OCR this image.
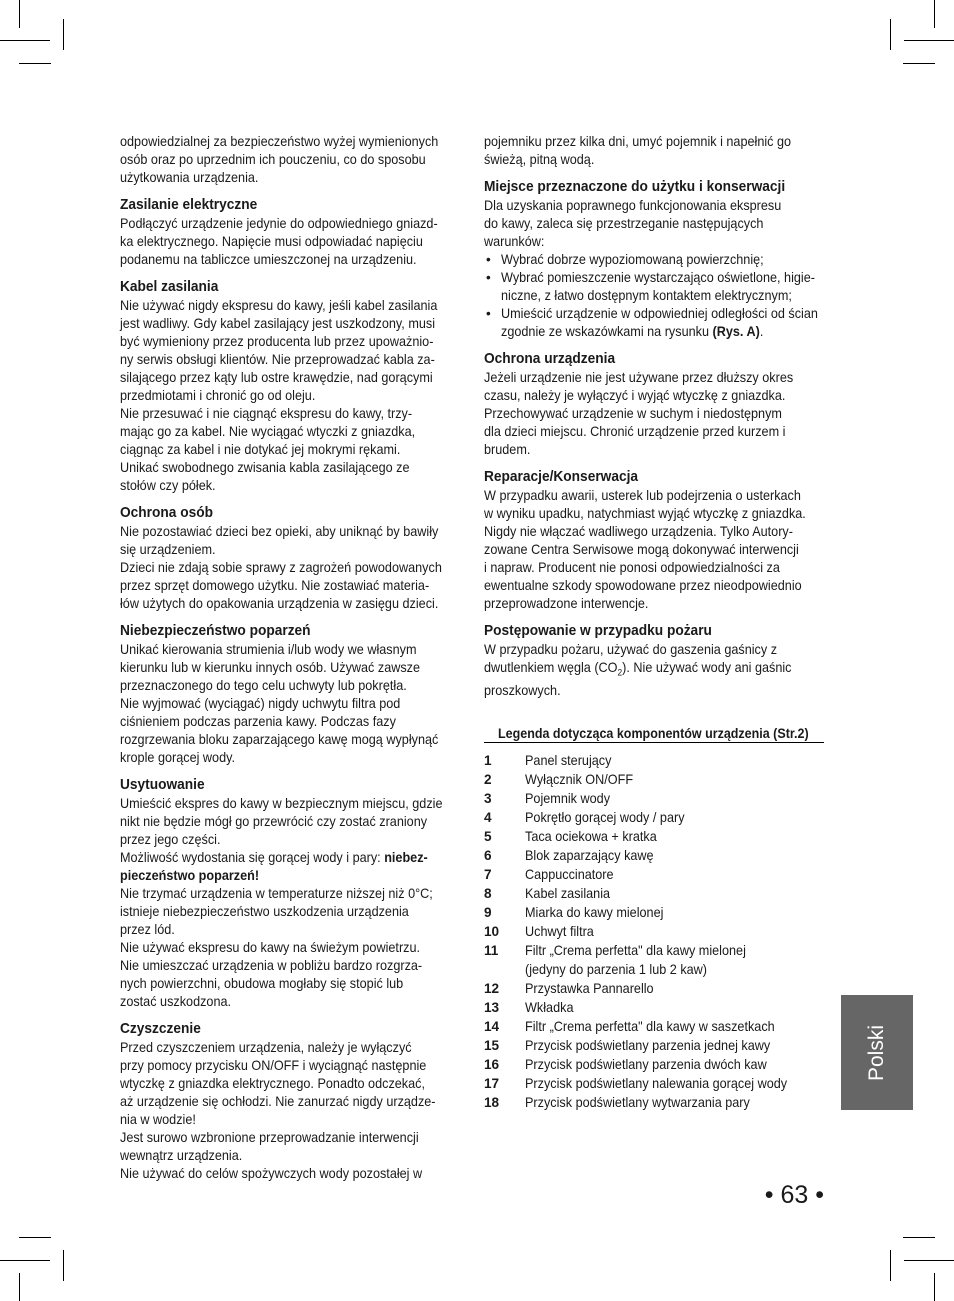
odpowiedzialnej za bezpieczeństwo wyżej wymienionych
osób oraz po uprzednim ich pouczeniu, co do sposobu
użytkowania urządzenia.

Zasilanie elektryczne

Podłączyć urządzenie jedynie do odpowiedniego gniazd-
ka elektrycznego. Napięcie musi odpowiadać napięciu
podanemu na tabliczce umieszczonej na urządzeniu.

Kabel zasilania

Nie używać nigdy ekspresu do kawy, jeśli kabel zasilania
jest wadliwy. Gdy kabel zasilający jest uszkodzony, musi
być wymieniony przez producenta lub przez upoważnio-
ny serwis obsługi klientów. Nie przeprowadzać kabla za-
silającego przez kąty lub ostre krawędzie, nad gorącymi
przedmiotami i chronić go od oleju.
Nie przesuwać i nie ciągnąć ekspresu do kawy, trzy-
mając go za kabel. Nie wyciągać wtyczki z gniazdka,
ciągnąc za kabel i nie dotykać jej mokrymi rękami.
Unikać swobodnego zwisania kabla zasilającego ze
stołów czy półek.

Ochrona osób

Nie pozostawiać dzieci bez opieki, aby uniknąć by bawiły
się urządzeniem.
Dzieci nie zdają sobie sprawy z zagrożeń powodowanych
przez sprzęt domowego użytku. Nie zostawiać materia-
łów użytych do opakowania urządzenia w zasięgu dzieci.

Niebezpieczeństwo poparzeń

Unikać kierowania strumienia i/lub wody we własnym
kierunku lub w kierunku innych osób. Używać zawsze
przeznaczonego do tego celu uchwyty lub pokrętła.
Nie wyjmować (wyciągać) nigdy uchwytu filtra pod
ciśnieniem podczas parzenia kawy. Podczas fazy
rozgrzewania bloku zaparzającego kawę mogą wypłynąć
krople gorącej wody.

Usytuowanie

Umieścić ekspres do kawy w bezpiecznym miejscu, gdzie
nikt nie będzie mógł go przewrócić czy zostać zraniony
przez jego części.
Możliwość wydostania się gorącej wody i pary: niebez-
pieczeństwo poparzeń!
Nie trzymać urządzenia w temperaturze niższej niż 0°C;
istnieje niebezpieczeństwo uszkodzenia urządzenia
przez lód.
Nie używać ekspresu do kawy na świeżym powietrzu.
Nie umieszczać urządzenia w pobliżu bardzo rozgrza-
nych powierzchni, obudowa mogłaby się stopić lub
zostać uszkodzona.

Czyszczenie

Przed czyszczeniem urządzenia, należy je wyłączyć
przy pomocy przycisku ON/OFF i wyciągnąć następnie
wtyczkę z gniazdka elektrycznego. Ponadto odczekać,
aż urządzenie się ochłodzi. Nie zanurzać nigdy urządze-
nia w wodzie!
Jest surowo wzbronione przeprowadzanie interwencji
wewnątrz urządzenia.
Nie używać do celów spożywczych wody pozostałej w

pojemniku przez kilka dni, umyć pojemnik i napełnić go
świeżą, pitną wodą.

Miejsce przeznaczone do użytku i konserwacji

Dla uzyskania poprawnego funkcjonowania ekspresu
do kawy, zaleca się przestrzeganie następujących
warunków:

• Wybrać dobrze wypoziomowaną powierzchnię;
• Wybrać pomieszczenie wystarczająco oświetlone, higie-
niczne, z łatwo dostępnym kontaktem elektrycznym;
• Umieścić urządzenie w odpowiedniej odległości od ścian
zgodnie ze wskazówkami na rysunku (Rys. A).
Ochrona urządzenia

Jeżeli urządzenie nie jest używane przez dłuższy okres
czasu, należy je wyłączyć i wyjąć wtyczkę z gniazdka.
Przechowywać urządzenie w suchym i niedostępnym
dla dzieci miejscu. Chronić urządzenie przed kurzem i
brudem.

Reparacje/Konserwacja

W przypadku awarii, usterek lub podejrzenia o usterkach
w wyniku upadku, natychmiast wyjąć wtyczkę z gniazdka.
Nigdy nie włączać wadliwego urządzenia. Tylko Autory-
zowane Centra Serwisowe mogą dokonywać interwencji
i napraw. Producent nie ponosi odpowiedzialności za
ewentualne szkody spowodowane przez nieodpowiednio
przeprowadzone interwencje.

Postępowanie w przypadku pożaru

W przypadku pożaru, używać do gaszenia gaśnicy z
dwutlenkiem węgla $(CO_2)$. Nie używać wody ani gaśnic
proszkowych.

Legenda dotycząca komponentów urządzenia (Str.2)
1	Panel sterujący
2	Wyłącznik ON/OFF
3	Pojemnik wody
4	Pokrętło gorącej wody / pary
5	Taca ociekowa + kratka
6	Blok zaparzający kawę
7	Cappuccinatore
8	Kabel zasilania
9	Miarka do kawy mielonej
10	Uchwyt filtra
11	Filtr „Crema perfetta" dla kawy mielonej
(jedyny do parzenia 1 lub 2 kaw)
12	Przystawka Pannarello
13	Wkładka
14	Filtr „Crema perfetta" dla kawy w saszetkach
15	Przycisk podświetlany parzenia jednej kawy
16	Przycisk podświetlany parzenia dwóch kaw
17	Przycisk podświetlany nalewania gorącej wody
18	Przycisk podświetlany wytwarzania pary
Polski
• 63 •
